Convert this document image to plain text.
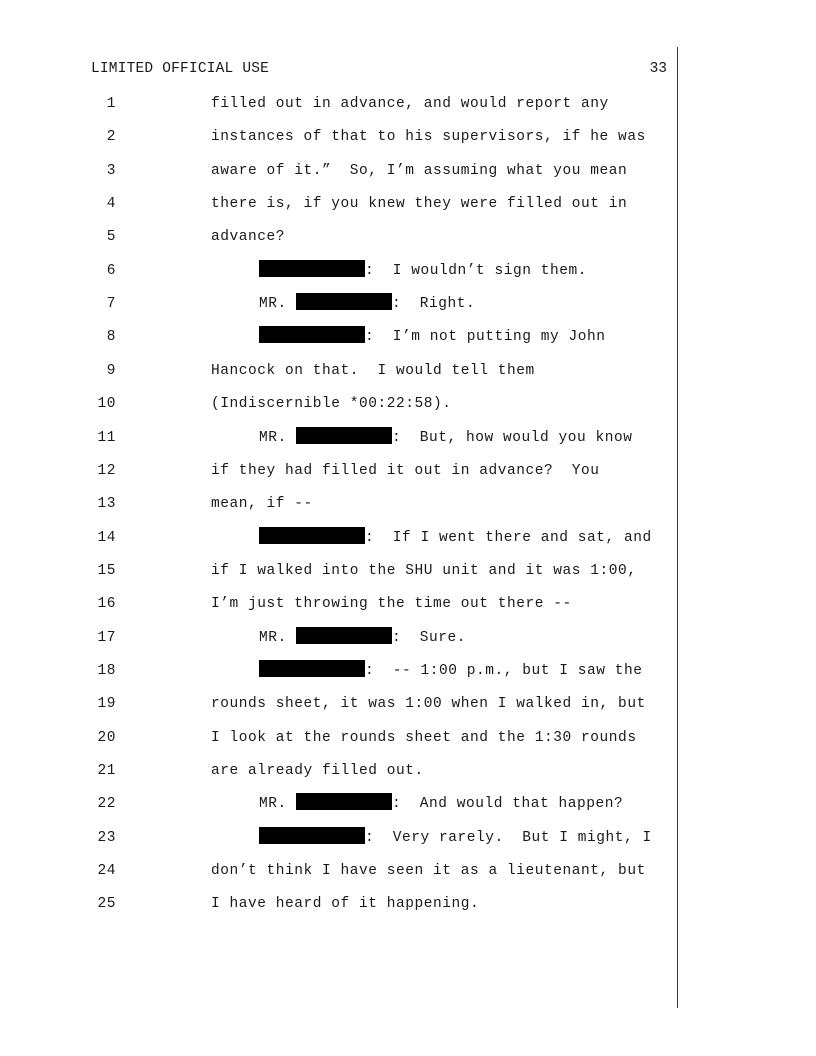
LIMITED OFFICIAL USE	33
1	filled out in advance, and would report any
2	instances of that to his supervisors, if he was
3	aware of it.”  So, I’m assuming what you mean
4	there is, if you knew they were filled out in
5	advance?
6	:  I wouldn’t sign them.
7	MR.	:  Right.
8	:  I’m not putting my John
9	Hancock on that.  I would tell them
10	(Indiscernible *00:22:58).
11	MR.	:  But, how would you know
12	if they had filled it out in advance?  You
13	mean, if --
14	:  If I went there and sat, and
15	if I walked into the SHU unit and it was 1:00,
16	I’m just throwing the time out there --
17	MR.	:  Sure.
18	:  -- 1:00 p.m., but I saw the
19	rounds sheet, it was 1:00 when I walked in, but
20	I look at the rounds sheet and the 1:30 rounds
21	are already filled out.
22	MR.	:  And would that happen?
23	:  Very rarely.  But I might, I
24	don’t think I have seen it as a lieutenant, but
25	I have heard of it happening.
